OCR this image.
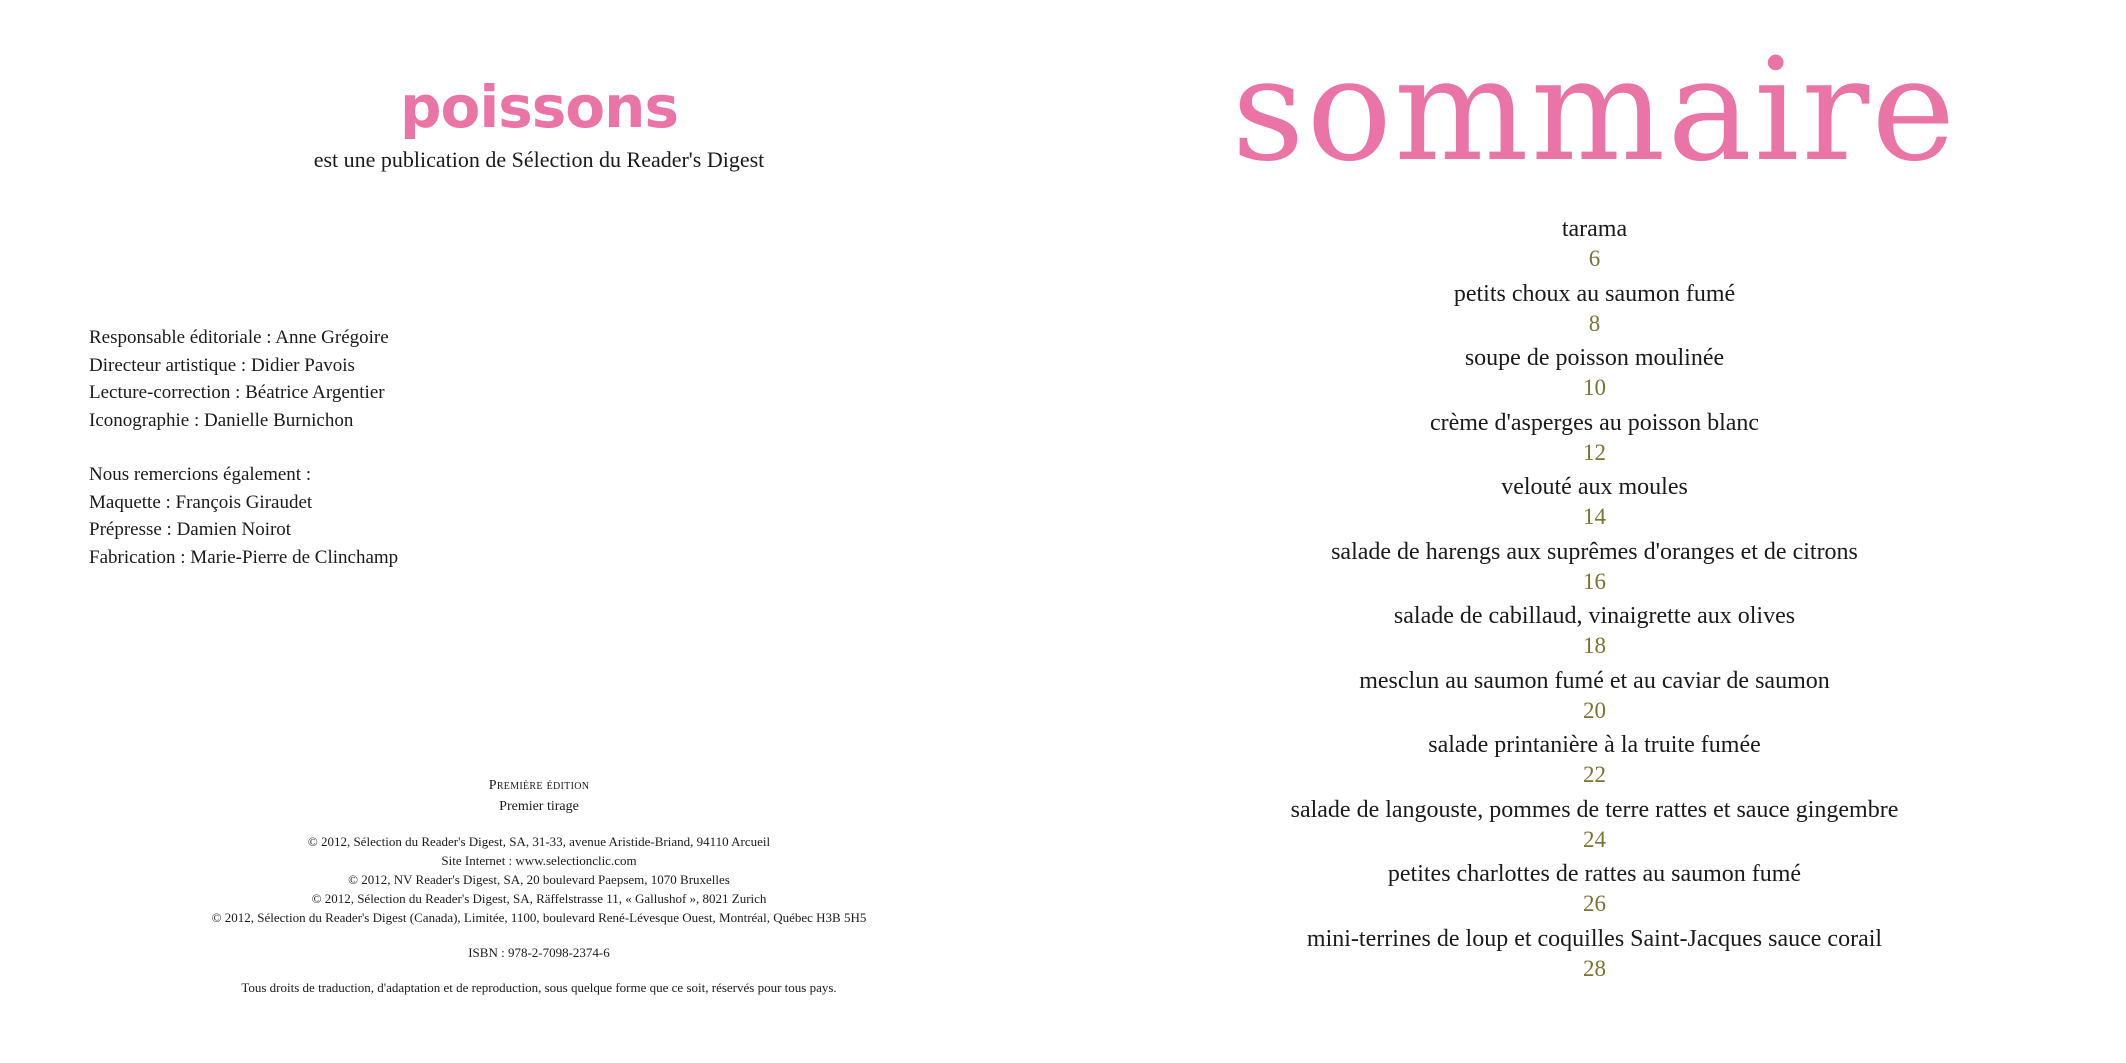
poissons
est une publication de Sélection du Reader's Digest
Responsable éditoriale : Anne Grégoire
Directeur artistique : Didier Pavois
Lecture-correction : Béatrice Argentier
Iconographie : Danielle Burnichon
Nous remercions également :
Maquette : François Giraudet
Prépresse : Damien Noirot
Fabrication : Marie-Pierre de Clinchamp
Première édition
Premier tirage
© 2012, Sélection du Reader's Digest, SA, 31-33, avenue Aristide-Briand, 94110 Arcueil
Site Internet : www.selectionclic.com
© 2012, NV Reader's Digest, SA, 20 boulevard Paepsem, 1070 Bruxelles
© 2012, Sélection du Reader's Digest, SA, Räffelstrasse 11, « Gallushof », 8021 Zurich
© 2012, Sélection du Reader's Digest (Canada), Limitée, 1100, boulevard René-Lévesque Ouest, Montréal, Québec H3B 5H5
ISBN : 978-2-7098-2374-6
Tous droits de traduction, d'adaptation et de reproduction, sous quelque forme que ce soit, réservés pour tous pays.
sommaire
tarama
6
petits choux au saumon fumé
8
soupe de poisson moulinée
10
crème d'asperges au poisson blanc
12
velouté aux moules
14
salade de harengs aux suprêmes d'oranges et de citrons
16
salade de cabillaud, vinaigrette aux olives
18
mesclun au saumon fumé et au caviar de saumon
20
salade printanière à la truite fumée
22
salade de langouste, pommes de terre rattes et sauce gingembre
24
petites charlottes de rattes au saumon fumé
26
mini-terrines de loup et coquilles Saint-Jacques sauce corail
28
